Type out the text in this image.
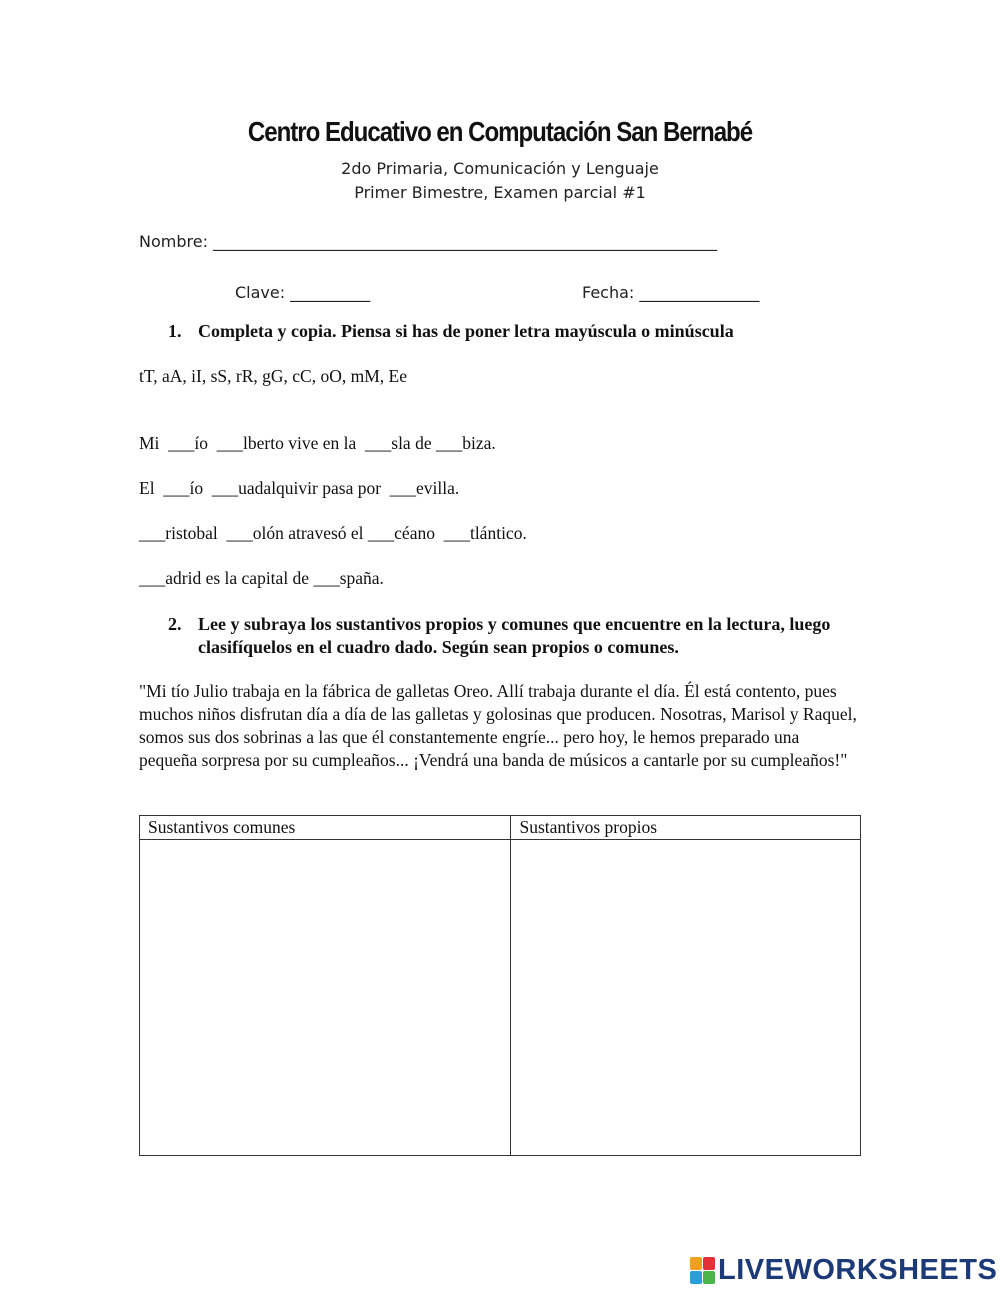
Centro Educativo en Computación San Bernabé
2do Primaria, Comunicación y Lenguaje
Primer Bimestre, Examen parcial #1
Nombre: _______________________________________________________________
Clave: __________	Fecha: _______________
1. Completa y copia. Piensa si has de poner letra mayúscula o minúscula
tT, aA, iI, sS, rR, gG, cC, oO, mM, Ee
Mi  ___ío  ___lberto vive en la  ___sla de ___biza.
El  ___ío  ___uadalquivir pasa por  ___evilla.
___ristobal  ___olón atravesó el ___céano  ___tlántico.
___adrid es la capital de ___spaña.
2. Lee y subraya los sustantivos propios y comunes que encuentre en la lectura, luego clasifíquelos en el cuadro dado. Según sean propios o comunes.
"Mi tío Julio trabaja en la fábrica de galletas Oreo. Allí trabaja durante el día. Él está contento, pues muchos niños disfrutan día a día de las galletas y golosinas que producen. Nosotras, Marisol y Raquel, somos sus dos sobrinas a las que él constantemente engríe... pero hoy, le hemos preparado una pequeña sorpresa por su cumpleaños... ¡Vendrá una banda de músicos a cantarle por su cumpleaños!"
Sustantivos comunes	Sustantivos propios

LIVEWORKSHEETS
